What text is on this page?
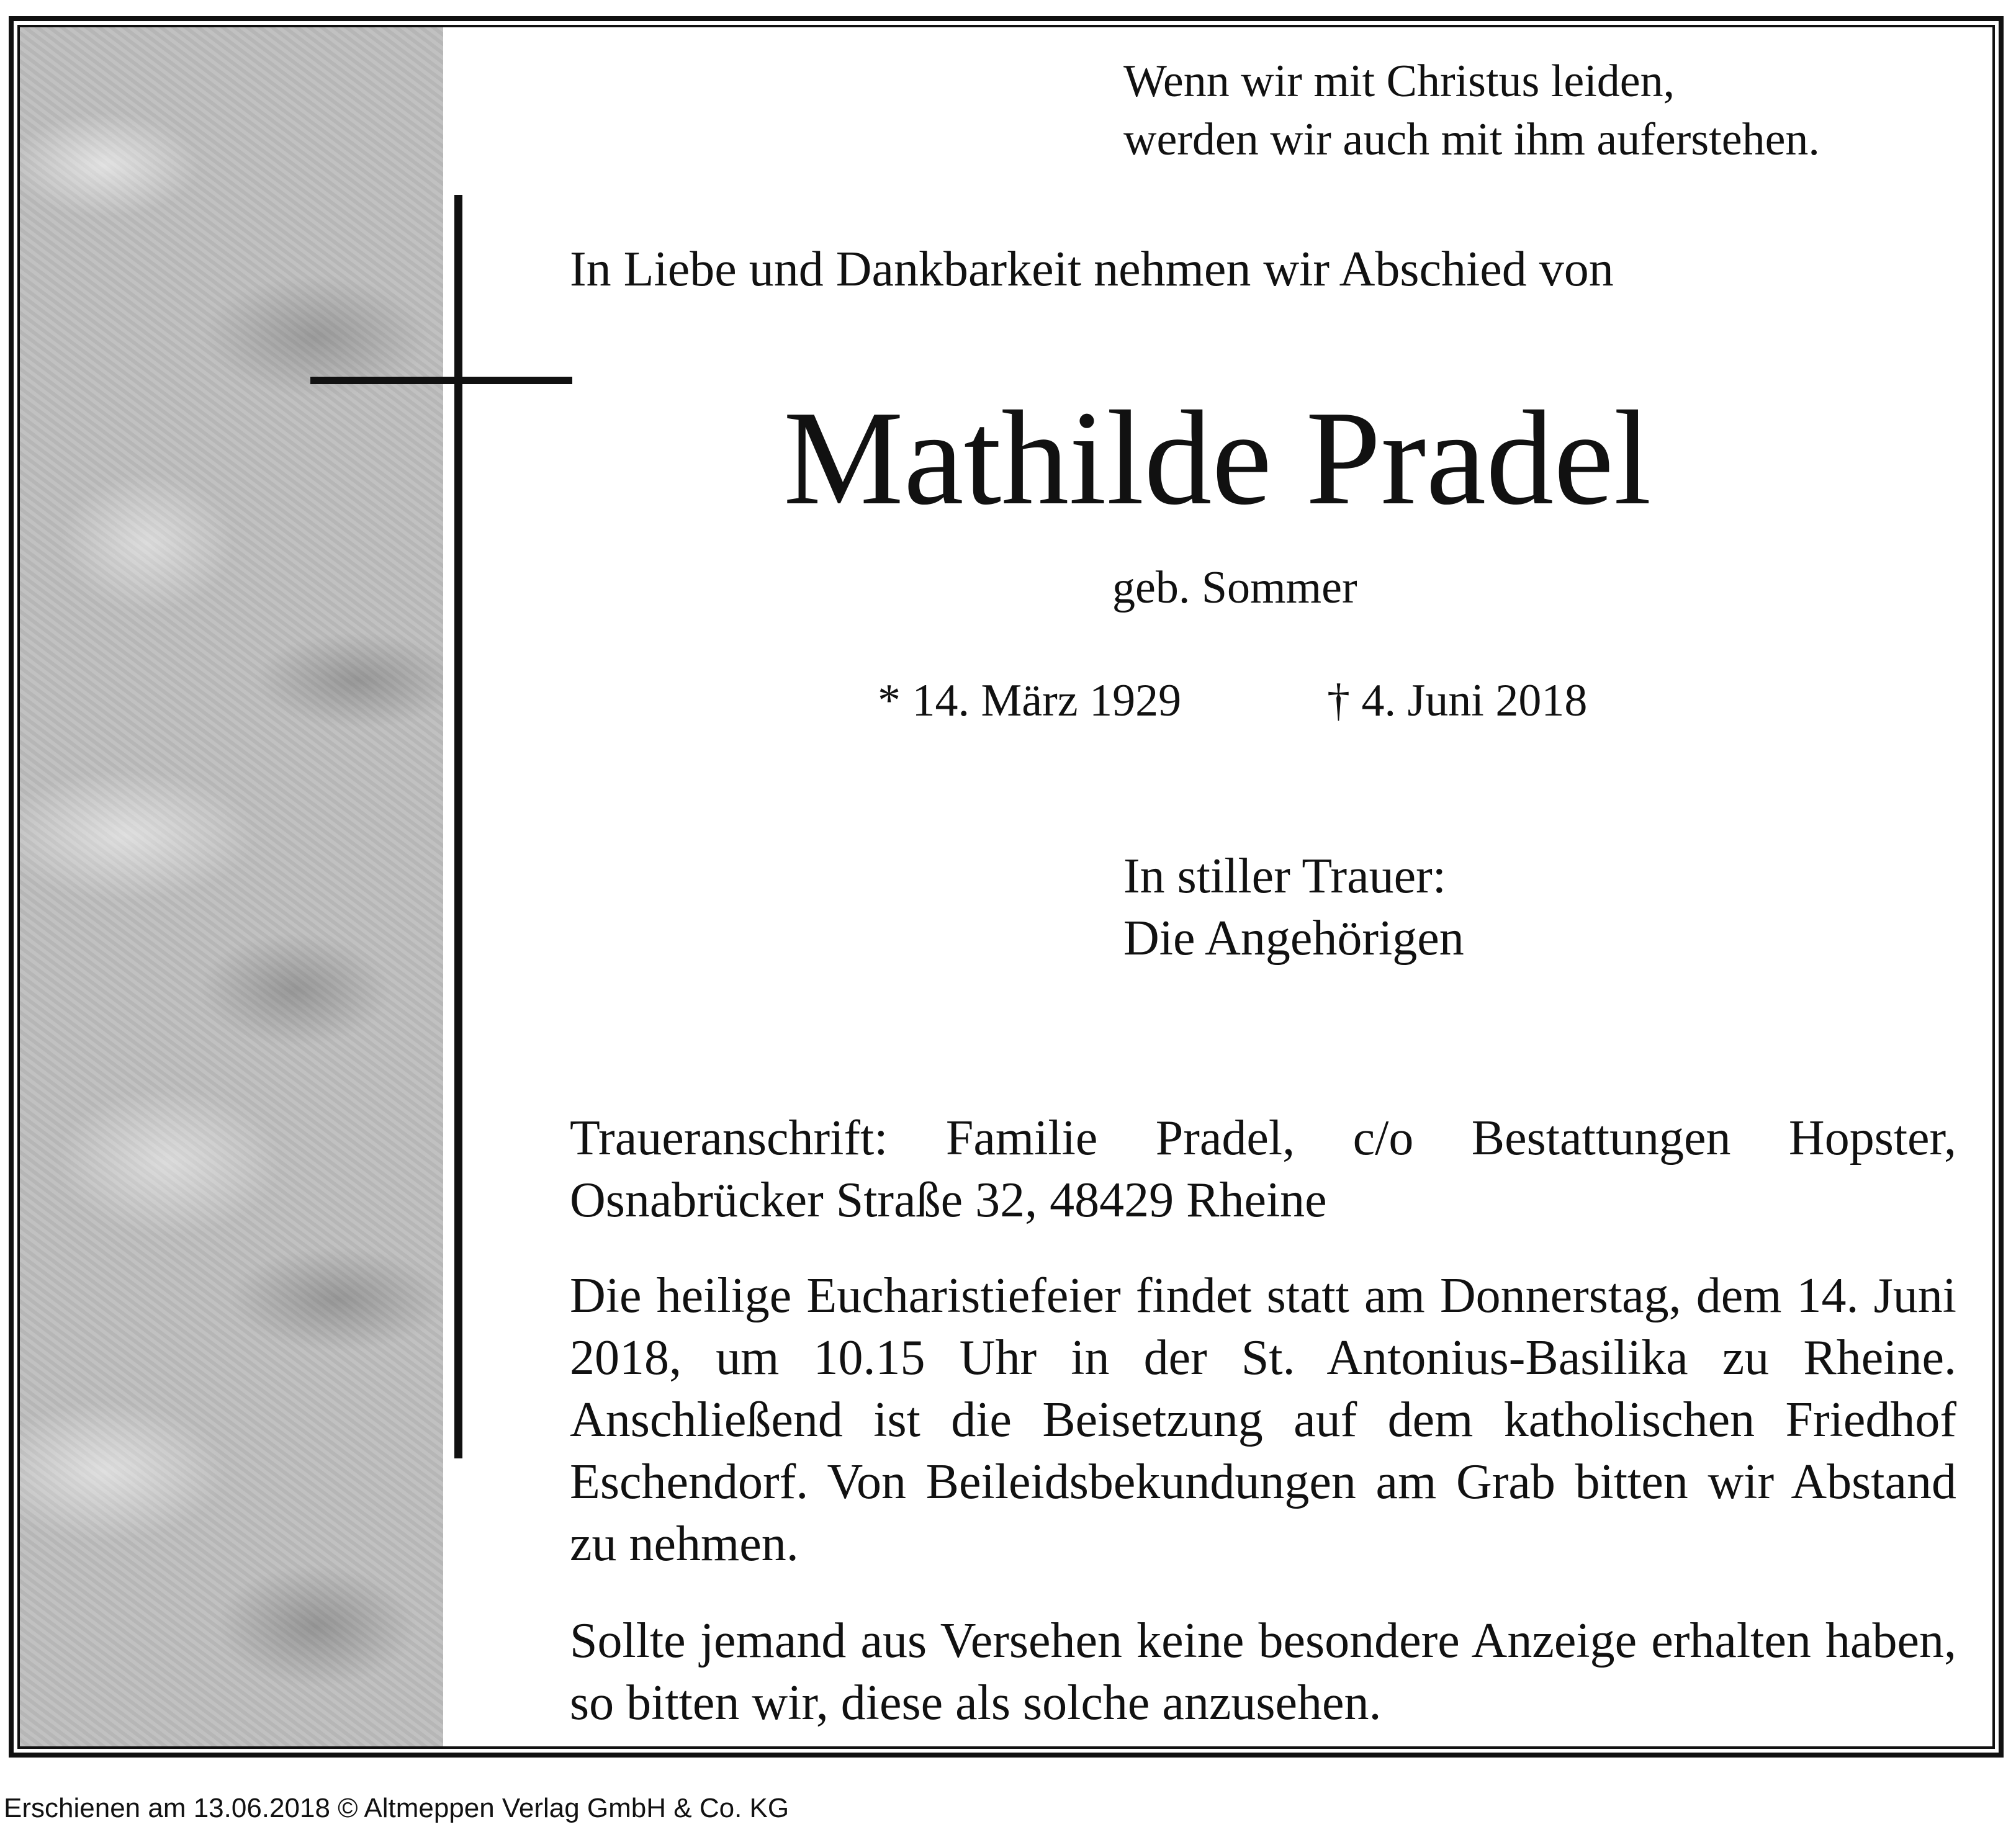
Wenn wir mit Christus leiden,
werden wir auch mit ihm auferstehen.

In Liebe und Dankbarkeit nehmen wir Abschied von

Mathilde Pradel

geb. Sommer

* 14. März 1929	† 4. Juni 2018

In stiller Trauer:
Die Angehörigen

Traueranschrift: Familie Pradel, c/o Bestattungen Hopster, Osnabrücker Straße 32, 48429 Rheine

Die heilige Eucharistiefeier findet statt am Donnerstag, dem 14. Juni 2018, um 10.15 Uhr in der St. Antonius-Basilika zu Rheine. Anschließend ist die Beisetzung auf dem katholischen Friedhof Eschendorf. Von Beileidsbekundungen am Grab bitten wir Abstand zu nehmen.

Sollte jemand aus Versehen keine besondere Anzeige erhalten haben, so bitten wir, diese als solche anzusehen.

Erschienen am 13.06.2018 © Altmeppen Verlag GmbH & Co. KG
